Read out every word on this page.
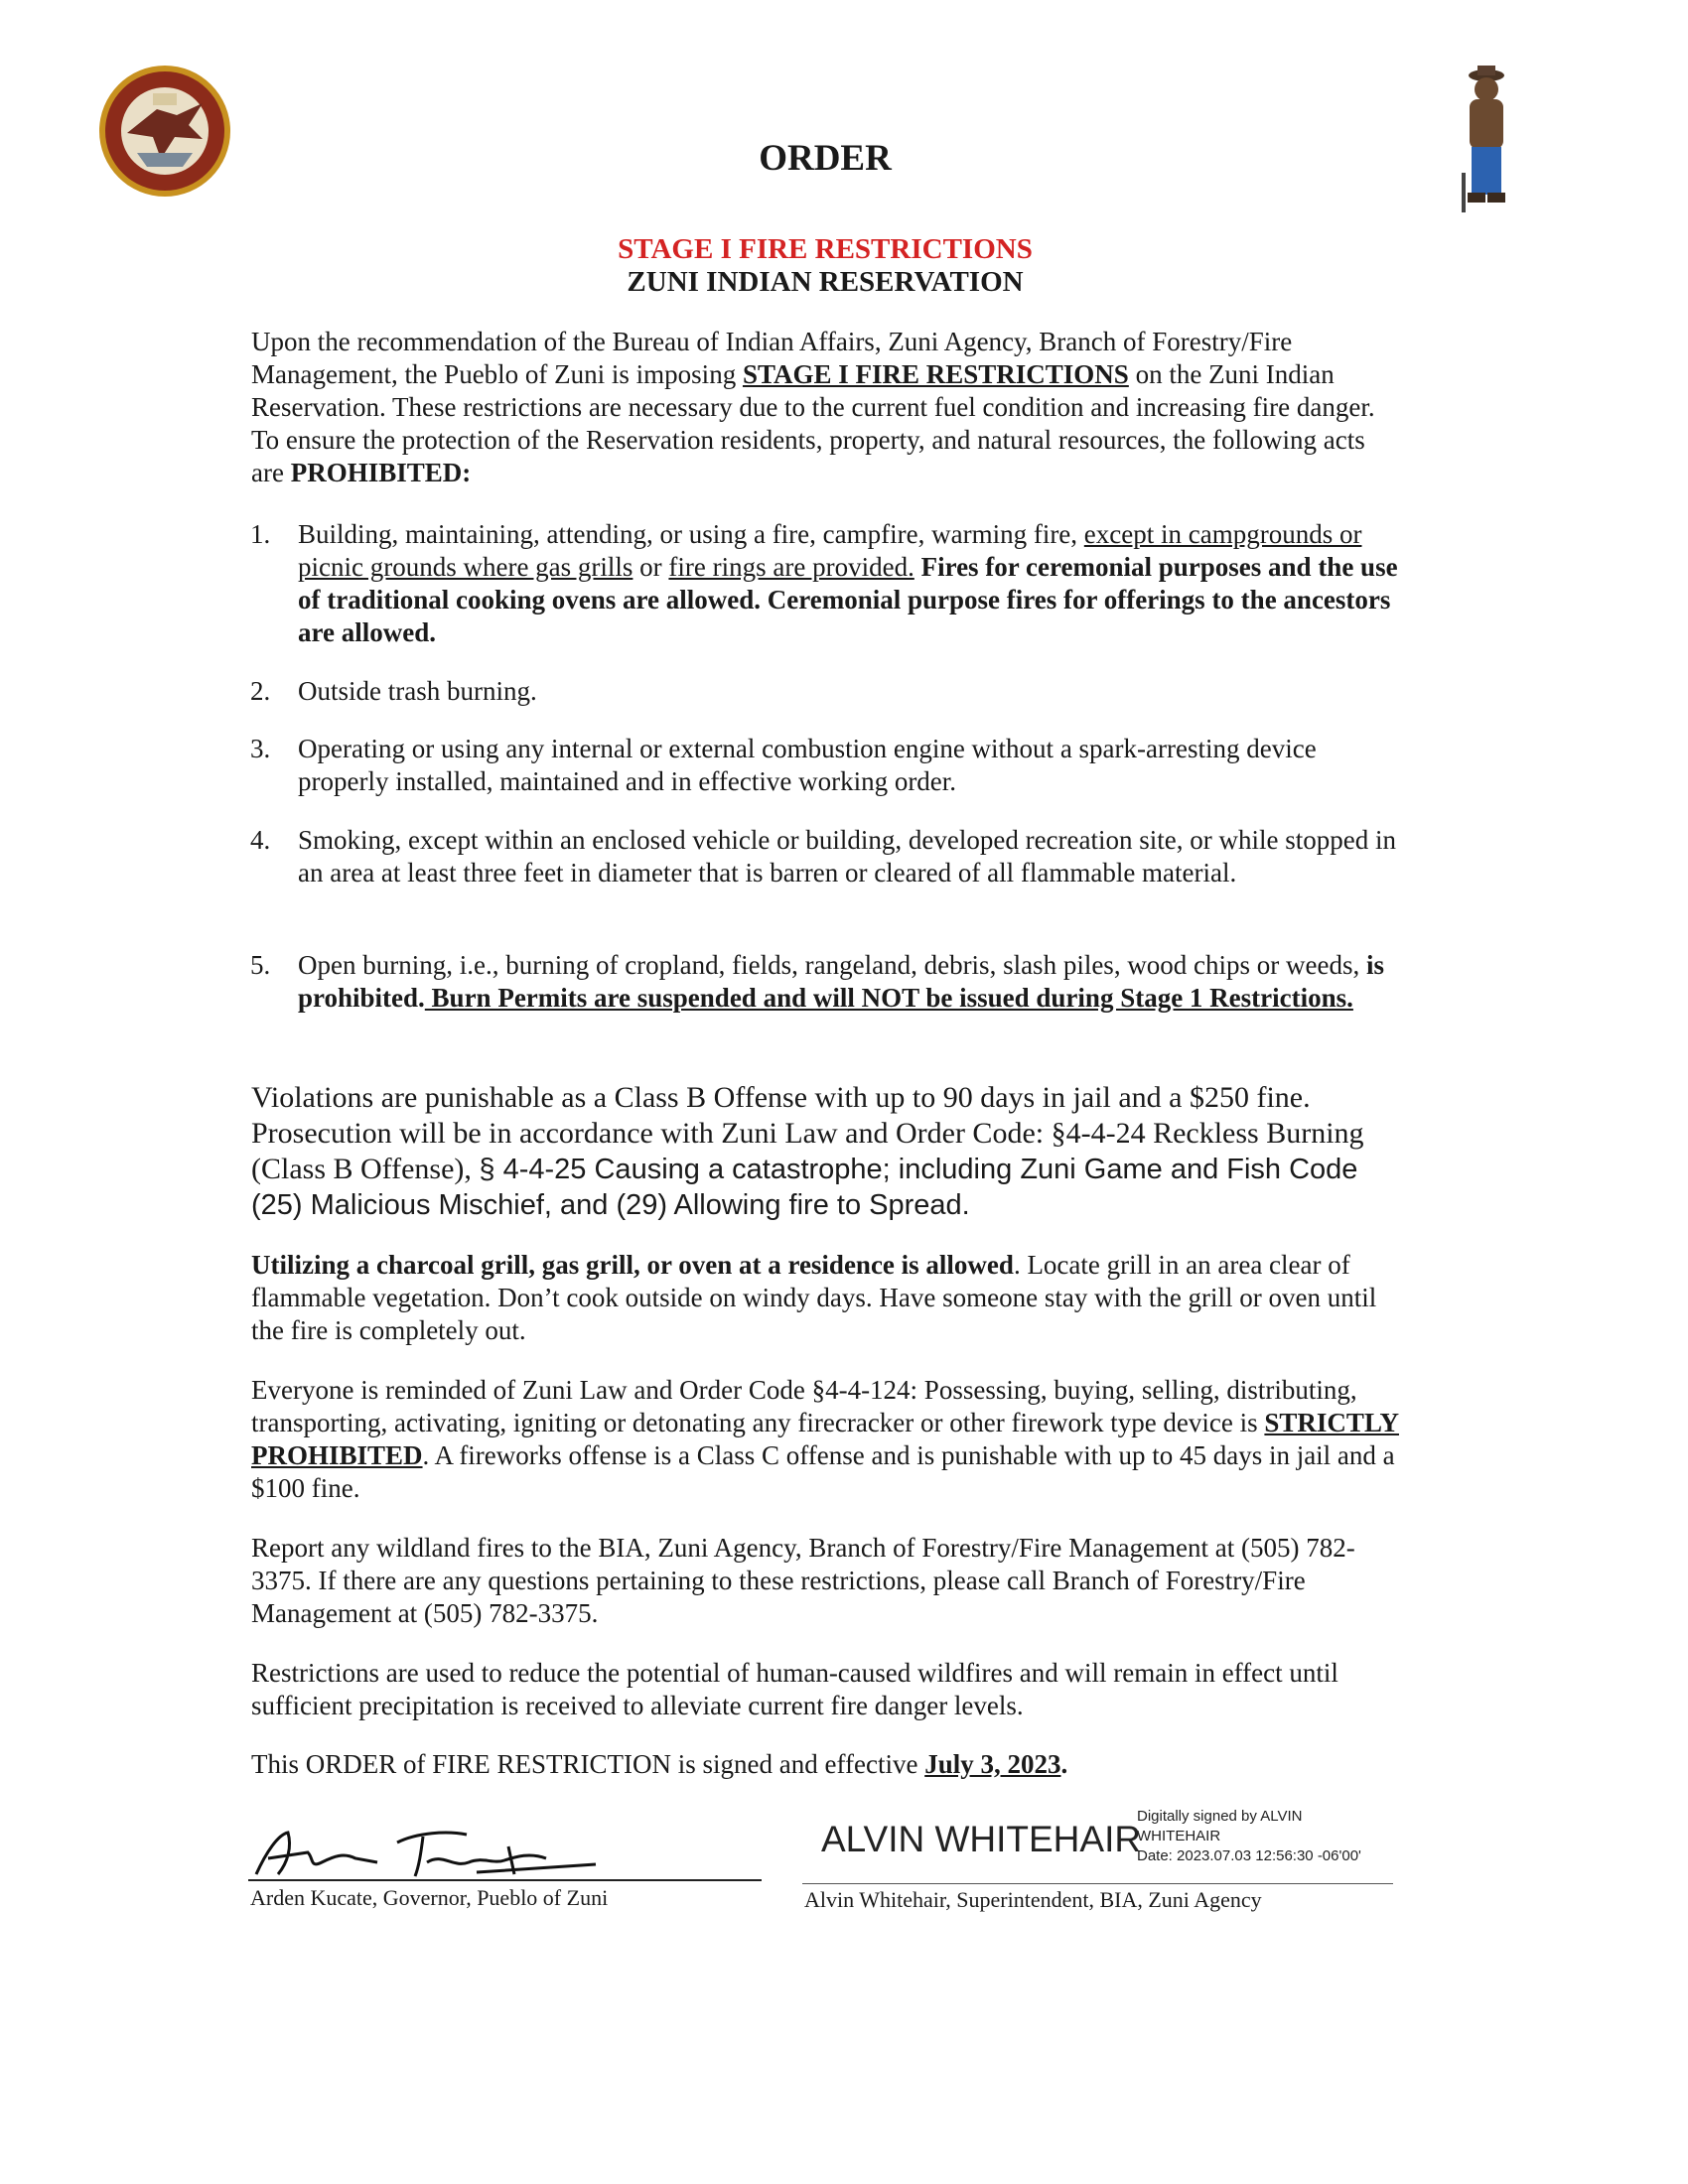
ORDER
STAGE I FIRE RESTRICTIONS
ZUNI INDIAN RESERVATION
Upon the recommendation of the Bureau of Indian Affairs, Zuni Agency, Branch of Forestry/Fire Management, the Pueblo of Zuni is imposing STAGE I FIRE RESTRICTIONS on the Zuni Indian Reservation. These restrictions are necessary due to the current fuel condition and increasing fire danger. To ensure the protection of the Reservation residents, property, and natural resources, the following acts are PROHIBITED:
1. Building, maintaining, attending, or using a fire, campfire, warming fire, except in campgrounds or picnic grounds where gas grills or fire rings are provided. Fires for ceremonial purposes and the use of traditional cooking ovens are allowed. Ceremonial purpose fires for offerings to the ancestors are allowed.
2. Outside trash burning.
3. Operating or using any internal or external combustion engine without a spark-arresting device properly installed, maintained and in effective working order.
4. Smoking, except within an enclosed vehicle or building, developed recreation site, or while stopped in an area at least three feet in diameter that is barren or cleared of all flammable material.
5. Open burning, i.e., burning of cropland, fields, rangeland, debris, slash piles, wood chips or weeds, is prohibited. Burn Permits are suspended and will NOT be issued during Stage 1 Restrictions.
Violations are punishable as a Class B Offense with up to 90 days in jail and a $250 fine. Prosecution will be in accordance with Zuni Law and Order Code: §4-4-24 Reckless Burning (Class B Offense), § 4-4-25 Causing a catastrophe; including Zuni Game and Fish Code (25) Malicious Mischief, and (29) Allowing fire to Spread.
Utilizing a charcoal grill, gas grill, or oven at a residence is allowed. Locate grill in an area clear of flammable vegetation. Don’t cook outside on windy days. Have someone stay with the grill or oven until the fire is completely out.
Everyone is reminded of Zuni Law and Order Code §4-4-124: Possessing, buying, selling, distributing, transporting, activating, igniting or detonating any firecracker or other firework type device is STRICTLY PROHIBITED. A fireworks offense is a Class C offense and is punishable with up to 45 days in jail and a $100 fine.
Report any wildland fires to the BIA, Zuni Agency, Branch of Forestry/Fire Management at (505) 782-3375. If there are any questions pertaining to these restrictions, please call Branch of Forestry/Fire Management at (505) 782-3375.
Restrictions are used to reduce the potential of human-caused wildfires and will remain in effect until sufficient precipitation is received to alleviate current fire danger levels.
This ORDER of FIRE RESTRICTION is signed and effective July 3, 2023.
Arden Kucate, Governor, Pueblo of Zuni
ALVIN WHITEHAIR
Digitally signed by ALVIN
WHITEHAIR
Date: 2023.07.03 12:56:30 -06'00'
Alvin Whitehair, Superintendent, BIA, Zuni Agency
